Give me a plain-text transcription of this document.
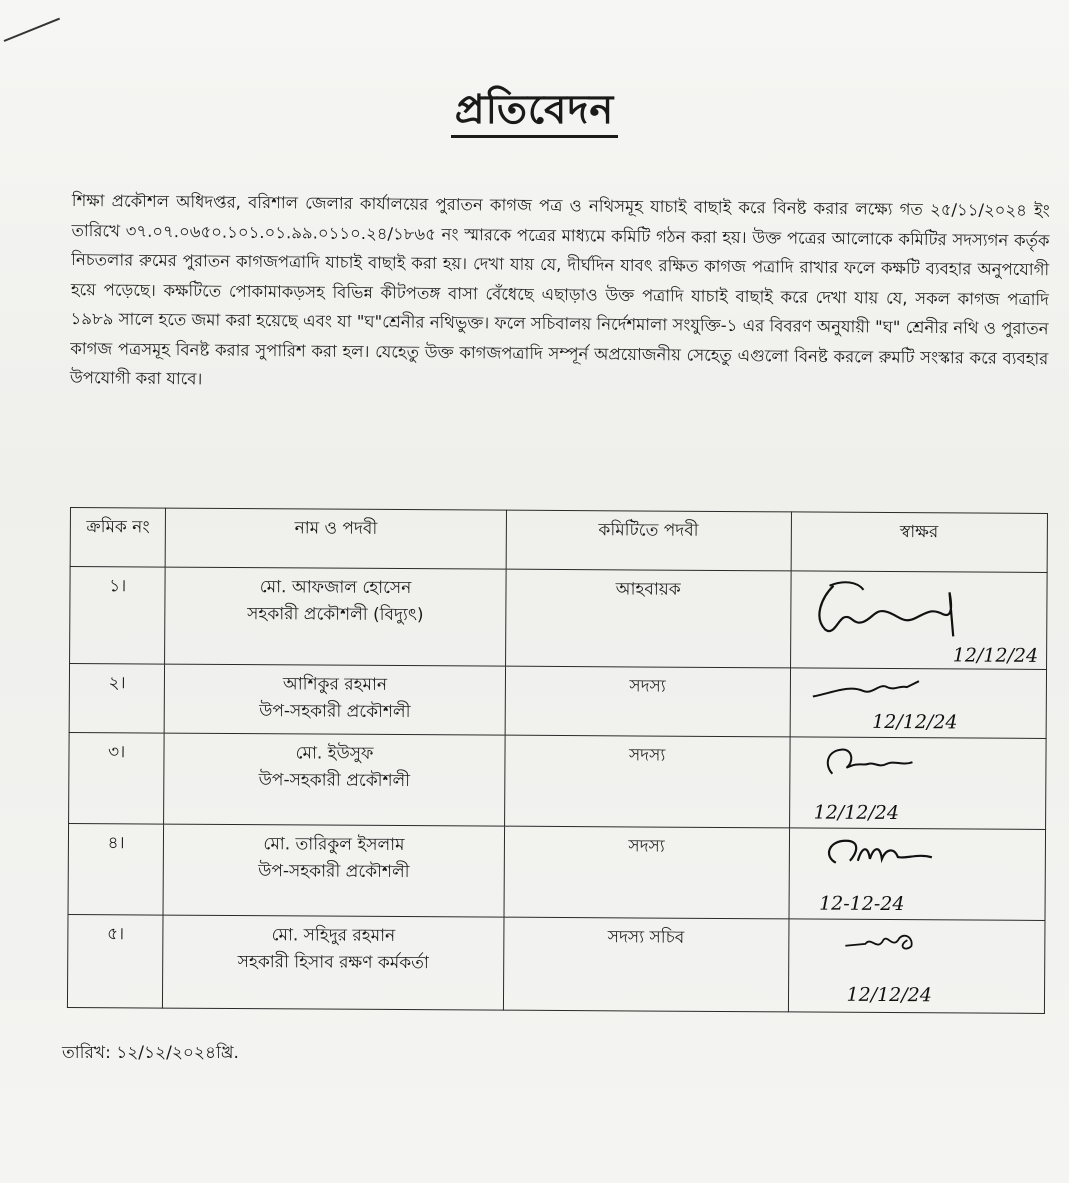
প্রতিবেদন
শিক্ষা প্রকৌশল অধিদপ্তর, বরিশাল জেলার কার্যালয়ের পুরাতন কাগজ পত্র ও নথিসমূহ যাচাই বাছাই করে বিনষ্ট করার লক্ষ্যে গত ২৫/১১/২০২৪ ইং তারিখে ৩৭.০৭.০৬৫০.১০১.০১.৯৯.০১১০.২৪/১৮৬৫ নং স্মারকে পত্রের মাধ্যমে কমিটি গঠন করা হয়। উক্ত পত্রের আলোকে কমিটির সদস্যগন কর্তৃক নিচতলার রুমের পুরাতন কাগজপত্রাদি যাচাই বাছাই করা হয়। দেখা যায় যে, দীর্ঘদিন যাবৎ রক্ষিত কাগজ পত্রাদি রাখার ফলে কক্ষটি ব্যবহার অনুপযোগী হয়ে পড়েছে। কক্ষটিতে পোকামাকড়সহ বিভিন্ন কীটপতঙ্গ বাসা বেঁধেছে এছাড়াও উক্ত পত্রাদি যাচাই বাছাই করে দেখা যায় যে, সকল কাগজ পত্রাদি ১৯৮৯ সালে হতে জমা করা হয়েছে এবং যা "ঘ"শ্রেনীর নথিভুক্ত। ফলে সচিবালয় নির্দেশমালা সংযুক্তি-১ এর বিবরণ অনুযায়ী "ঘ" শ্রেনীর নথি ও পুরাতন কাগজ পত্রসমূহ বিনষ্ট করার সুপারিশ করা হল। যেহেতু উক্ত কাগজপত্রাদি সম্পূর্ন অপ্রয়োজনীয় সেহেতু এগুলো বিনষ্ট করলে রুমটি সংস্কার করে ব্যবহার উপযোগী করা যাবে।
ক্রমিক নং	নাম ও পদবী	কমিটিতে পদবী	স্বাক্ষর
১।	মো. আফজাল হোসেন
সহকারী প্রকৌশলী (বিদ্যুৎ)	আহবায়ক	12/12/24

২।	আশিকুর রহমান
উপ-সহকারী প্রকৌশলী	সদস্য	12/12/24

৩।	মো. ইউসুফ
উপ-সহকারী প্রকৌশলী	সদস্য	12/12/24

৪।	মো. তারিকুল ইসলাম
উপ-সহকারী প্রকৌশলী	সদস্য	12-12-24

৫।	মো. সহিদুর রহমান
সহকারী হিসাব রক্ষণ কর্মকর্তা	সদস্য সচিব	12/12/24
তারিখ: ১২/১২/২০২৪খ্রি.
